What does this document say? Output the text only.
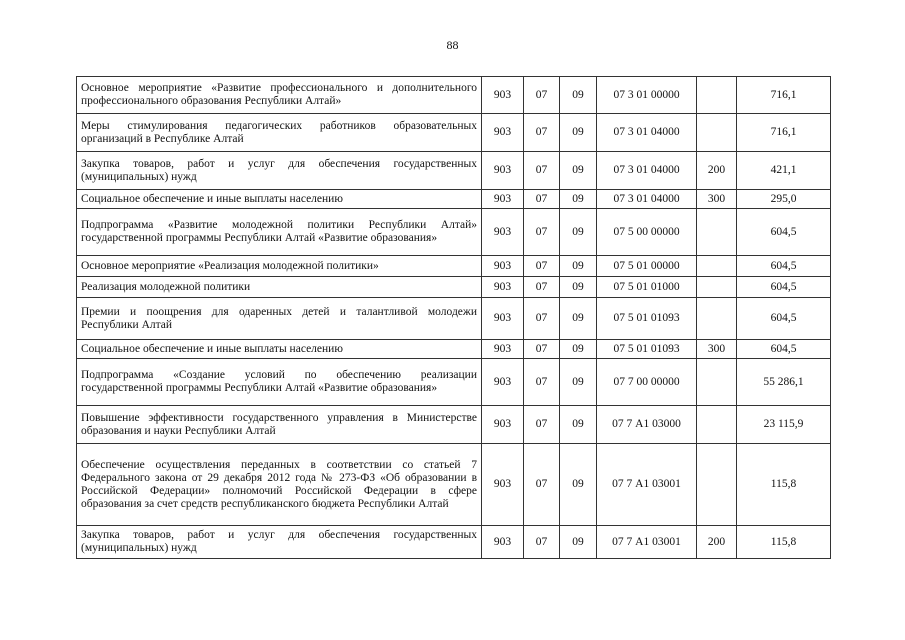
88
Основное мероприятие «Развитие профессионального и дополнительного профессионального образования Республики Алтай»	903	07	09	07 3 01 00000		716,1
Меры стимулирования педагогических работников образовательных организаций в Республике Алтай	903	07	09	07 3 01 04000		716,1
Закупка товаров, работ и услуг для обеспечения государственных (муниципальных) нужд	903	07	09	07 3 01 04000	200	421,1
Социальное обеспечение и иные выплаты населению	903	07	09	07 3 01 04000	300	295,0
Подпрограмма «Развитие молодежной политики Республики Алтай» государственной программы Республики Алтай «Развитие образования»	903	07	09	07 5 00 00000		604,5
Основное мероприятие «Реализация молодежной политики»	903	07	09	07 5 01 00000		604,5
Реализация молодежной политики	903	07	09	07 5 01 01000		604,5
Премии и поощрения для одаренных детей и талантливой молодежи Республики Алтай	903	07	09	07 5 01 01093		604,5
Социальное обеспечение и иные выплаты населению	903	07	09	07 5 01 01093	300	604,5
Подпрограмма «Создание условий по обеспечению реализации государственной программы Республики Алтай «Развитие образования»	903	07	09	07 7 00 00000		55 286,1
Повышение эффективности государственного управления в Министерстве образования и науки Республики Алтай	903	07	09	07 7 А1 03000		23 115,9
Обеспечение осуществления переданных в соответствии со статьей 7 Федерального закона от 29 декабря 2012 года № 273-ФЗ «Об образовании в Российской Федерации» полномочий Российской Федерации в сфере образования за счет средств республиканского бюджета Республики Алтай	903	07	09	07 7 А1 03001		115,8
Закупка товаров, работ и услуг для обеспечения государственных (муниципальных) нужд	903	07	09	07 7 А1 03001	200	115,8
